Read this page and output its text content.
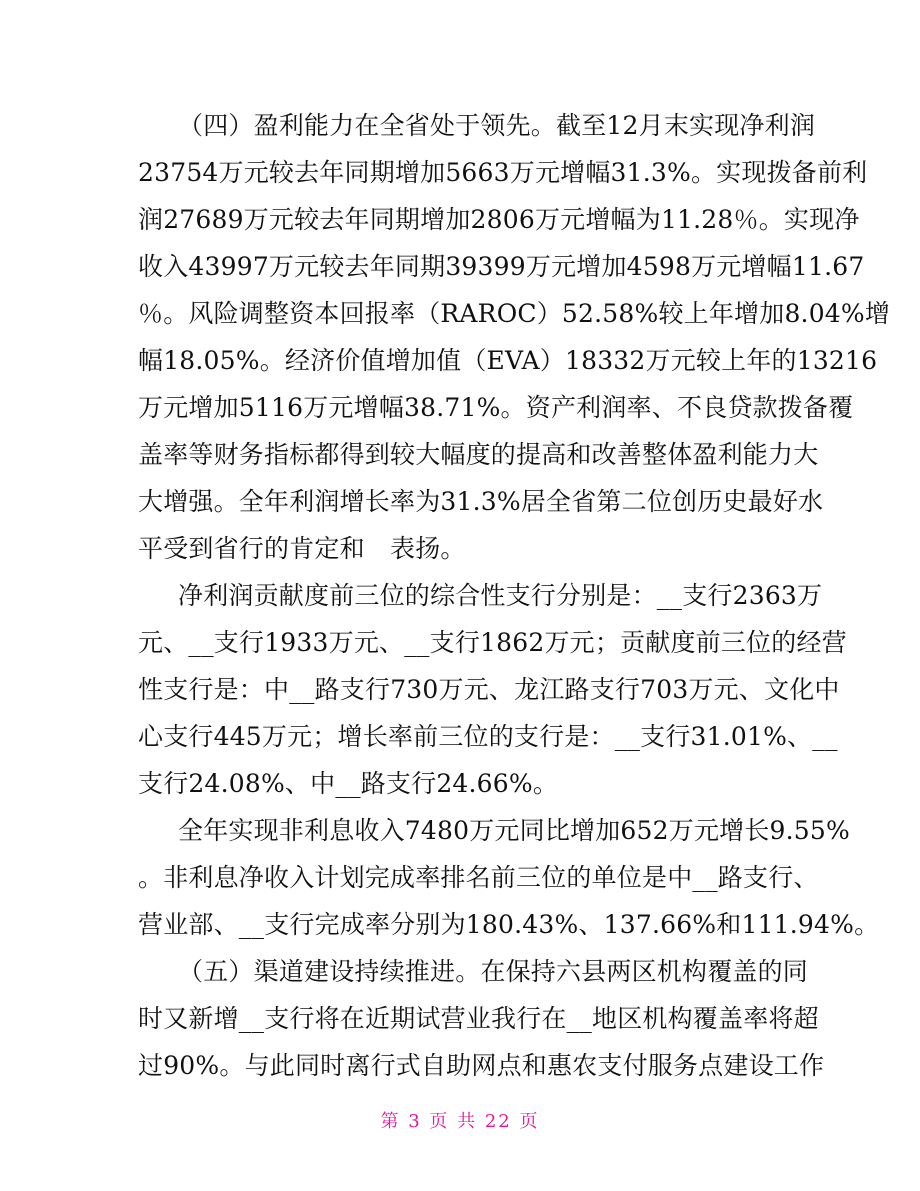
（四）盈利能力在全省处于领先。截至12月末实现净利润
23754万元较去年同期增加5663万元增幅31.3%。实现拨备前利
润27689万元较去年同期增加2806万元增幅为11.28％。实现净
收入43997万元较去年同期39399万元增加4598万元增幅11.67
％。风险调整资本回报率（RAROC）52.58%较上年增加8.04%增
幅18.05%。经济价值增加值（EVA）18332万元较上年的13216
万元增加5116万元增幅38.71%。资产利润率、不良贷款拨备覆
盖率等财务指标都得到较大幅度的提高和改善整体盈利能力大
大增强。全年利润增长率为31.3%居全省第二位创历史最好水
平受到省行的肯定和　表扬。
净利润贡献度前三位的综合性支行分别是：__支行2363万
元、__支行1933万元、__支行1862万元；贡献度前三位的经营
性支行是：中__路支行730万元、龙江路支行703万元、文化中
心支行445万元；增长率前三位的支行是：__支行31.01%、__
支行24.08%、中__路支行24.66%。
全年实现非利息收入7480万元同比增加652万元增长9.55%
。非利息净收入计划完成率排名前三位的单位是中__路支行、
营业部、__支行完成率分别为180.43%、137.66%和111.94%。
（五）渠道建设持续推进。在保持六县两区机构覆盖的同
时又新增__支行将在近期试营业我行在__地区机构覆盖率将超
过90%。与此同时离行式自助网点和惠农支付服务点建设工作
第 3 页 共 22 页
